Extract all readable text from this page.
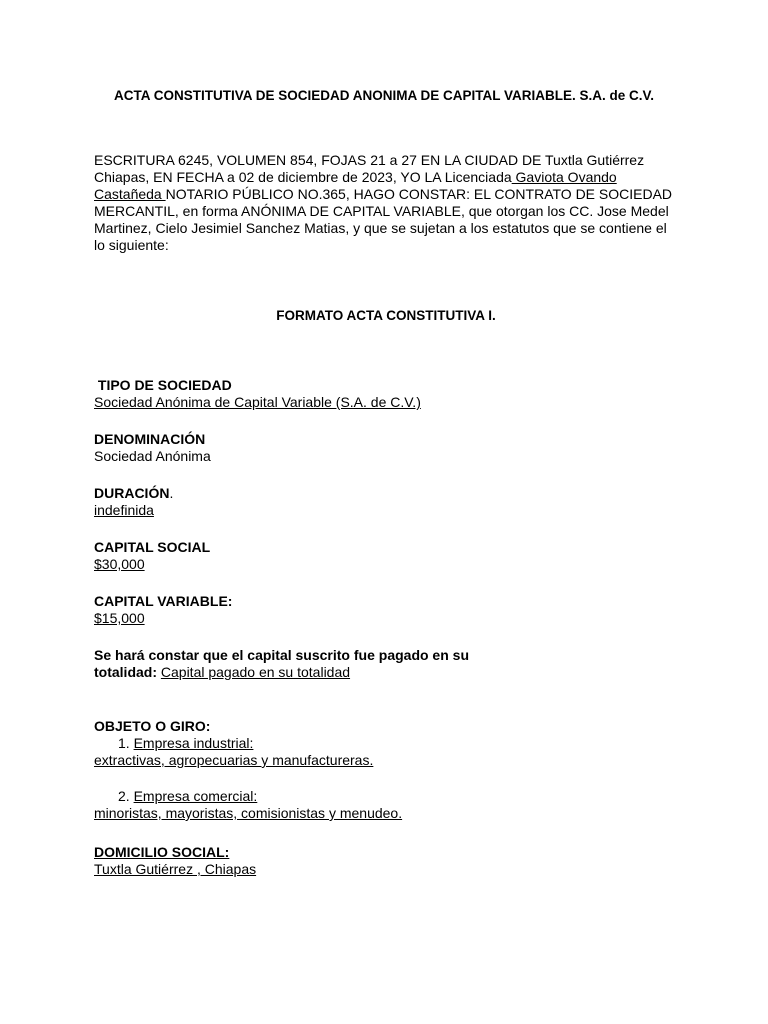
ACTA CONSTITUTIVA DE SOCIEDAD ANONIMA DE CAPITAL VARIABLE. S.A. de C.V.

ESCRITURA 6245, VOLUMEN 854, FOJAS 21 a 27 EN LA CIUDAD DE Tuxtla Gutiérrez Chiapas, EN FECHA a 02 de diciembre de 2023, YO LA Licenciada Gaviota Ovando Castañeda NOTARIO PÚBLICO NO.365, HAGO CONSTAR: EL CONTRATO DE SOCIEDAD MERCANTIL, en forma ANÓNIMA DE CAPITAL VARIABLE, que otorgan los CC. Jose Medel Martinez, Cielo Jesimiel Sanchez Matias, y que se sujetan a los estatutos que se contiene el lo siguiente:

FORMATO ACTA CONSTITUTIVA I.
TIPO DE SOCIEDAD
Sociedad Anónima de Capital Variable (S.A. de C.V.)
DENOMINACIÓN
Sociedad Anónima
DURACIÓN.
indefinida
CAPITAL SOCIAL
$30,000
CAPITAL VARIABLE:
$15,000
Se hará constar que el capital suscrito fue pagado en su
totalidad: Capital pagado en su totalidad
OBJETO O GIRO:
1. Empresa industrial:
extractivas, agropecuarias y manufactureras.
2. Empresa comercial:
minoristas, mayoristas, comisionistas y menudeo.
DOMICILIO SOCIAL:
Tuxtla Gutiérrez , Chiapas
